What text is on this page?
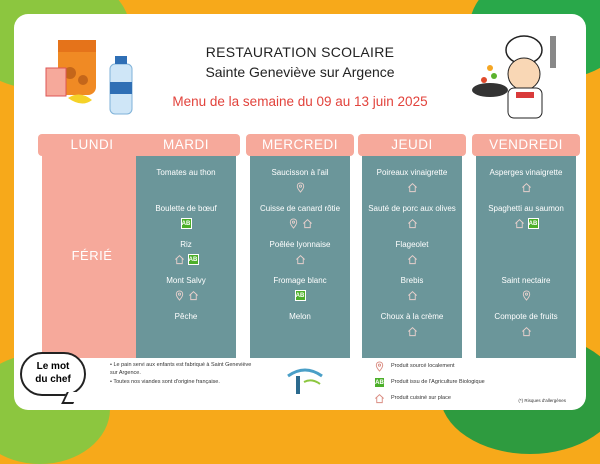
RESTAURATION SCOLAIRE
Sainte Geneviève sur Argence
Menu de la semaine du 09 au 13 juin 2025
LUNDI
FÉRIÉ
MARDI
Tomates au thon
Boulette de bœuf
AB
Riz
AB
Mont Salvy
Pêche
MERCREDI
Saucisson à l'ail
Cuisse de canard rôtie
Poêlée lyonnaise
Fromage blanc
AB
Melon
JEUDI
Poireaux vinaigrette
Sauté de porc aux olives
Flageolet
Brebis
Choux à la crème
VENDREDI
Asperges vinaigrette
Spaghetti au saumon
AB

Saint nectaire
Compote de fruits
Le mot
du chef
• Le pain servi aux enfants est fabriqué à Saint Geneviève sur Argence.
• Toutes nos viandes sont d'origine française.
Produit sourcé localement
AB Produit issu de l'Agriculture Biologique
Produit cuisiné sur place	(*) Risques d'allergènes
